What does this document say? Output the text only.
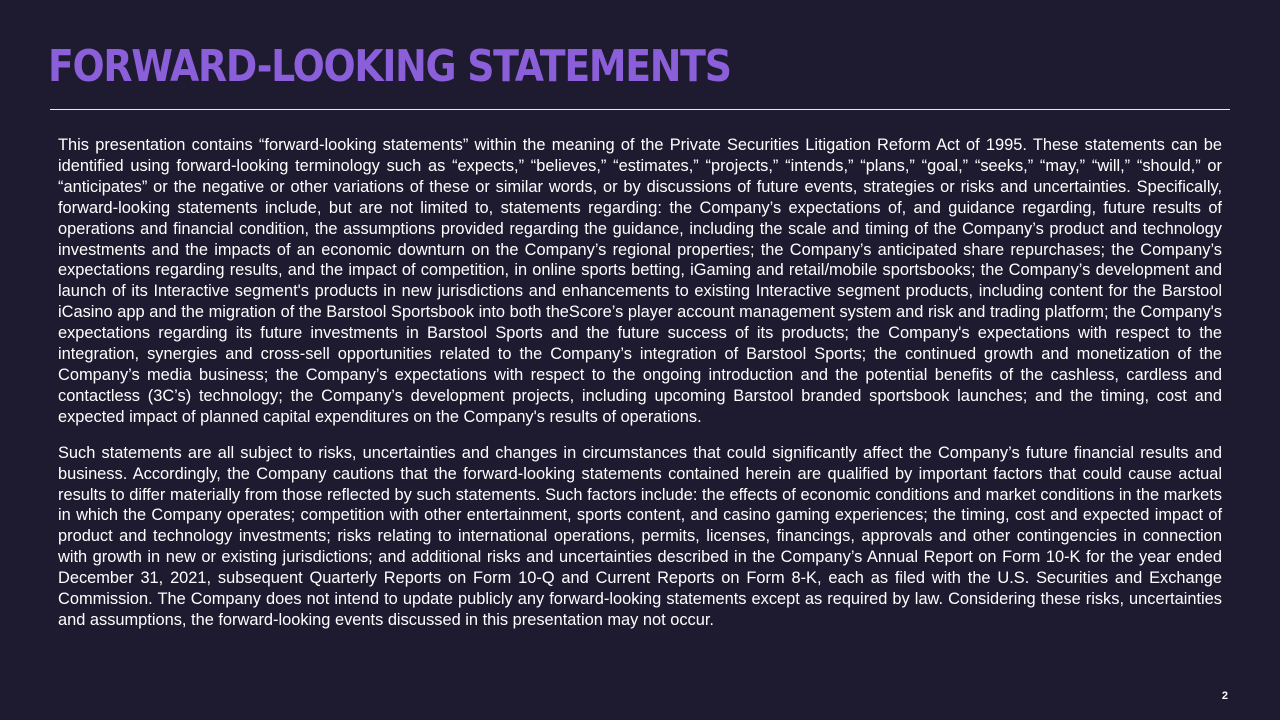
FORWARD-LOOKING STATEMENTS

This presentation contains “forward-looking statements” within the meaning of the Private Securities Litigation Reform Act of 1995. These statements can be identified using forward-looking terminology such as “expects,” “believes,” “estimates,” “projects,” “intends,” “plans,” “goal,” “seeks,” “may,” “will,” “should,” or “anticipates” or the negative or other variations of these or similar words, or by discussions of future events, strategies or risks and uncertainties. Specifically, forward-looking statements include, but are not limited to, statements regarding: the Company’s expectations of, and guidance regarding, future results of operations and financial condition, the assumptions provided regarding the guidance, including the scale and timing of the Company’s product and technology investments and the impacts of an economic downturn on the Company’s regional properties; the Company’s anticipated share repurchases; the Company’s expectations regarding results, and the impact of competition, in online sports betting, iGaming and retail/mobile sportsbooks; the Company’s development and launch of its Interactive segment's products in new jurisdictions and enhancements to existing Interactive segment products, including content for the Barstool iCasino app and the migration of the Barstool Sportsbook into both theScore’s player account management system and risk and trading platform; the Company's expectations regarding its future investments in Barstool Sports and the future success of its products; the Company's expectations with respect to the integration, synergies and cross-sell opportunities related to the Company’s integration of Barstool Sports; the continued growth and monetization of the Company’s media business; the Company’s expectations with respect to the ongoing introduction and the potential benefits of the cashless, cardless and contactless (3C’s) technology; the Company’s development projects, including upcoming Barstool branded sportsbook launches; and the timing, cost and expected impact of planned capital expenditures on the Company's results of operations.

Such statements are all subject to risks, uncertainties and changes in circumstances that could significantly affect the Company’s future financial results and business. Accordingly, the Company cautions that the forward-looking statements contained herein are qualified by important factors that could cause actual results to differ materially from those reflected by such statements. Such factors include: the effects of economic conditions and market conditions in the markets in which the Company operates; competition with other entertainment, sports content, and casino gaming experiences; the timing, cost and expected impact of product and technology investments; risks relating to international operations, permits, licenses, financings, approvals and other contingencies in connection with growth in new or existing jurisdictions; and additional risks and uncertainties described in the Company’s Annual Report on Form 10-K for the year ended December 31, 2021, subsequent Quarterly Reports on Form 10-Q and Current Reports on Form 8-K, each as filed with the U.S. Securities and Exchange Commission. The Company does not intend to update publicly any forward-looking statements except as required by law. Considering these risks, uncertainties and assumptions, the forward-looking events discussed in this presentation may not occur.

2
